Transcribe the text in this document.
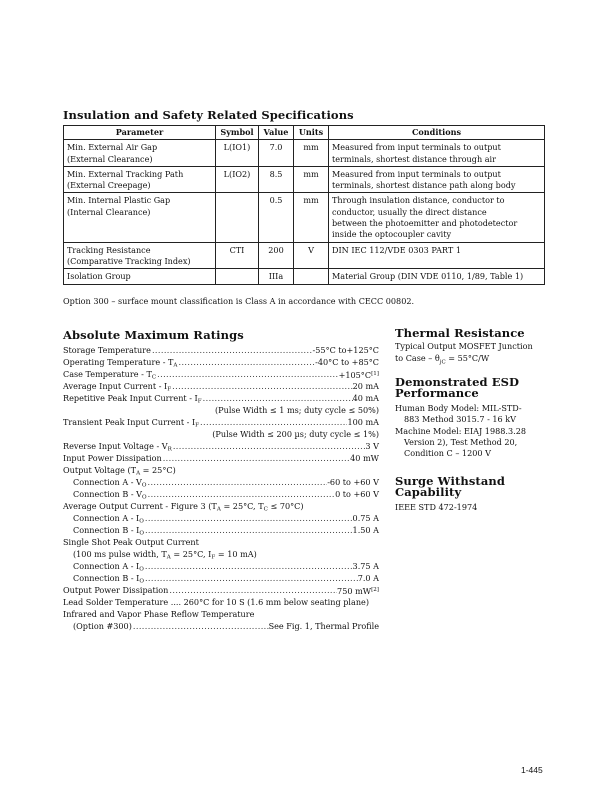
Insulation and Safety Related Specifications
Parameter	Symbol	Value	Units	Conditions

Min. External Air Gap
(External Clearance)	L(IO1)	7.0	mm	Measured from input terminals to output
terminals, shortest distance through air

Min. External Tracking Path
(External Creepage)	L(IO2)	8.5	mm	Measured from input terminals to output
terminals, shortest distance path along body

Min. Internal Plastic Gap
(Internal Clearance)		0.5	mm	Through insulation distance, conductor to
conductor, usually the direct distance
between the photoemitter and photodetector
inside the optocoupler cavity

Tracking Resistance
(Comparative Tracking Index)	CTI	200	V	DIN IEC 112/VDE 0303 PART 1

Isolation Group		IIIa		Material Group (DIN VDE 0110, 1/89, Table 1)
Option 300 – surface mount classification is Class A in accordance with CECC 00802.
Absolute Maximum Ratings
Storage Temperature .....	-55°C to+125°C
Operating Temperature - $T_A$ .....	-40°C to +85°C
Case Temperature - $T_C$ .....	+105°C[1]
Average Input Current - $I_F$ .....	20 mA
Repetitive Peak Input Current - $I_F$ .....	40 mA
(Pulse Width ≤ 1 ms; duty cycle ≤ 50%)
Transient Peak Input Current - $I_F$ .....	100 mA
(Pulse Width ≤ 200 µs; duty cycle ≤ 1%)
Reverse Input Voltage - $V_R$ .....	3 V
Input Power Dissipation .....	40 mW
Output Voltage $(T_A = 25^\circ C)$
Connection A - $V_O$ .....	-60 to +60 V
Connection B - $V_O$ .....	0 to +60 V
Average Output Current - Figure 3 ($T_A = 25^\circ C$, $T_C \le 70^\circ C$)
Connection A - $I_O$ .....	0.75 A
Connection B - $I_O$ .....	1.50 A
Single Shot Peak Output Current
(100 ms pulse width, $T_A = 25^\circ C$, $I_F = 10$ mA)
Connection A - $I_O$ .....	3.75 A
Connection B - $I_O$ .....	7.0 A
Output Power Dissipation .....	750 mW[2]
Lead Solder Temperature .... 260°C for 10 S (1.6 mm below seating plane)
Infrared and Vapor Phase Reflow Temperature
(Option #300) .....	See Fig. 1, Thermal Profile
Thermal Resistance

Typical Output MOSFET Junction

to Case – $\theta_{jC} = 55^\circ C/W$

Demonstrated ESD
Performance

Human Body Model: MIL-STD-

883 Method 3015.7 - 16 kV

Machine Model: EIAJ 1988.3.28

Version 2), Test Method 20,

Condition C – 1200 V

Surge Withstand
Capability

IEEE STD 472-1974

1-445
